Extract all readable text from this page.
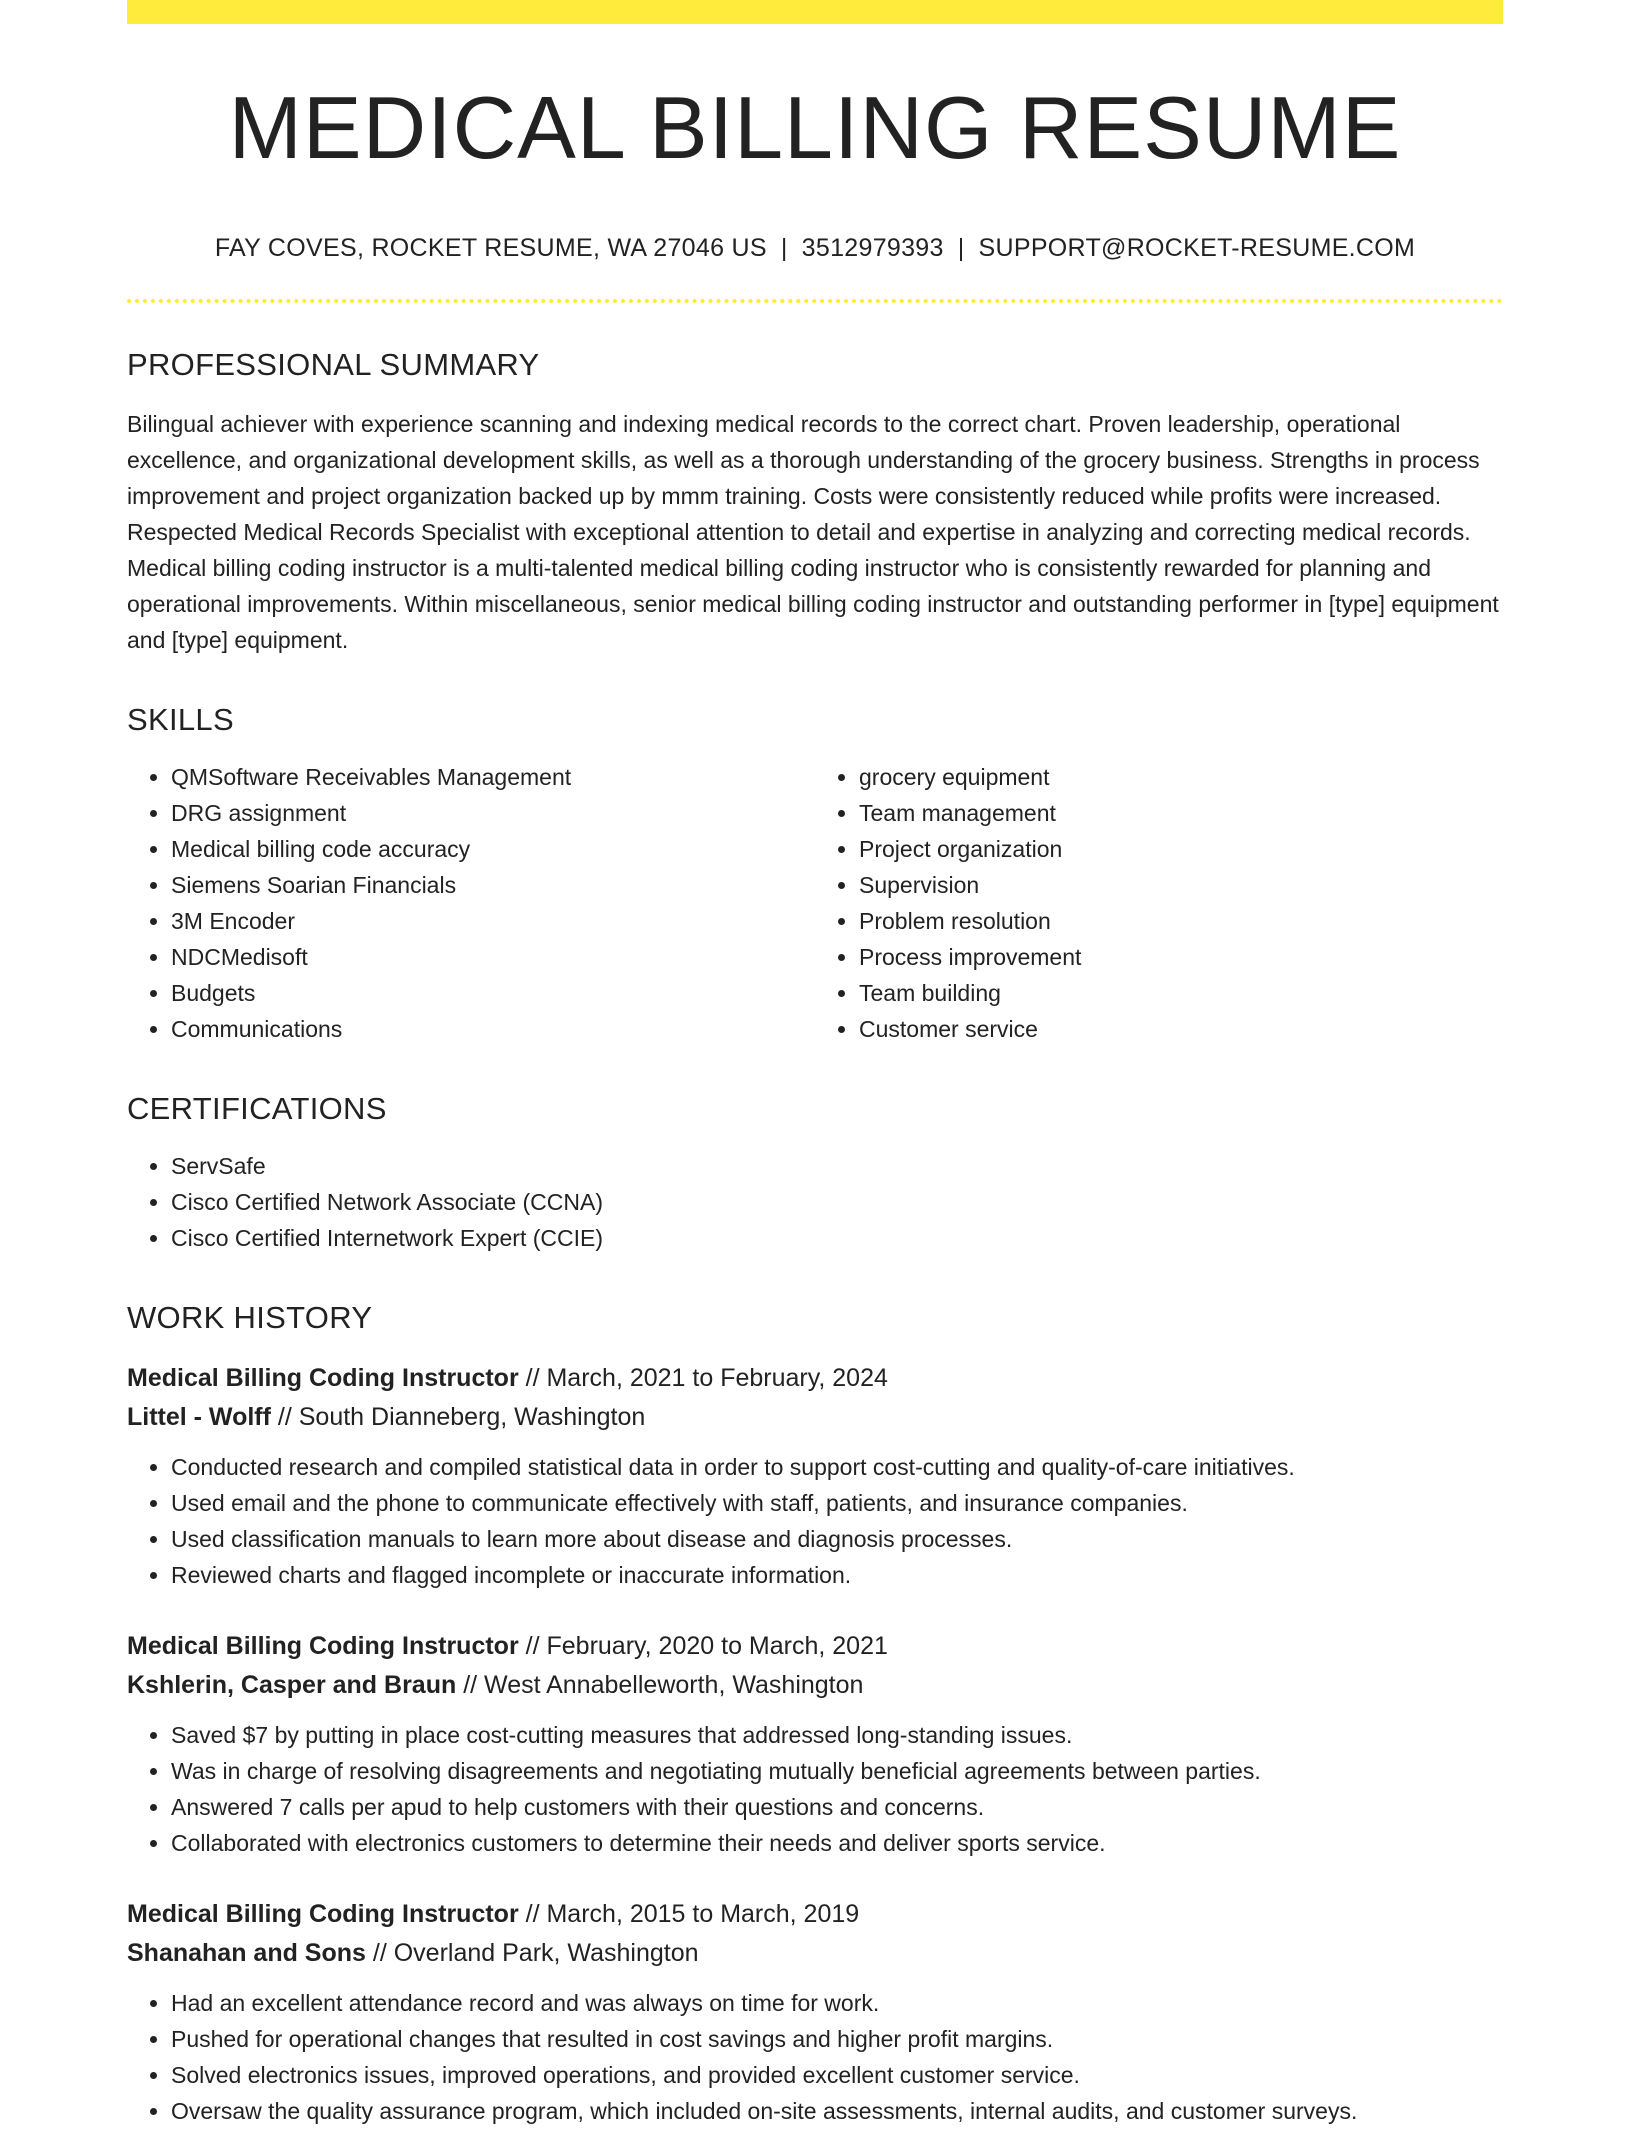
MEDICAL BILLING RESUME
FAY COVES, ROCKET RESUME, WA 27046 US | 3512979393 | SUPPORT@ROCKET-RESUME.COM
PROFESSIONAL SUMMARY

Bilingual achiever with experience scanning and indexing medical records to the correct chart. Proven leadership, operational excellence, and organizational development skills, as well as a thorough understanding of the grocery business. Strengths in process improvement and project organization backed up by mmm training. Costs were consistently reduced while profits were increased. Respected Medical Records Specialist with exceptional attention to detail and expertise in analyzing and correcting medical records. Medical billing coding instructor is a multi-talented medical billing coding instructor who is consistently rewarded for planning and operational improvements. Within miscellaneous, senior medical billing coding instructor and outstanding performer in [type] equipment and [type] equipment.

SKILLS
• QMSoftware Receivables Management
• DRG assignment
• Medical billing code accuracy
• Siemens Soarian Financials
• 3M Encoder
• NDCMedisoft
• Budgets
• Communications
• grocery equipment
• Team management
• Project organization
• Supervision
• Problem resolution
• Process improvement
• Team building
• Customer service
CERTIFICATIONS
• ServSafe
• Cisco Certified Network Associate (CCNA)
• Cisco Certified Internetwork Expert (CCIE)
WORK HISTORY
Medical Billing Coding Instructor // March, 2021 to February, 2024
Littel - Wolff // South Dianneberg, Washington
• Conducted research and compiled statistical data in order to support cost-cutting and quality-of-care initiatives.
• Used email and the phone to communicate effectively with staff, patients, and insurance companies.
• Used classification manuals to learn more about disease and diagnosis processes.
• Reviewed charts and flagged incomplete or inaccurate information.
Medical Billing Coding Instructor // February, 2020 to March, 2021
Kshlerin, Casper and Braun // West Annabelleworth, Washington
• Saved $7 by putting in place cost-cutting measures that addressed long-standing issues.
• Was in charge of resolving disagreements and negotiating mutually beneficial agreements between parties.
• Answered 7 calls per apud to help customers with their questions and concerns.
• Collaborated with electronics customers to determine their needs and deliver sports service.
Medical Billing Coding Instructor // March, 2015 to March, 2019
Shanahan and Sons // Overland Park, Washington
• Had an excellent attendance record and was always on time for work.
• Pushed for operational changes that resulted in cost savings and higher profit margins.
• Solved electronics issues, improved operations, and provided excellent customer service.
• Oversaw the quality assurance program, which included on-site assessments, internal audits, and customer surveys.
